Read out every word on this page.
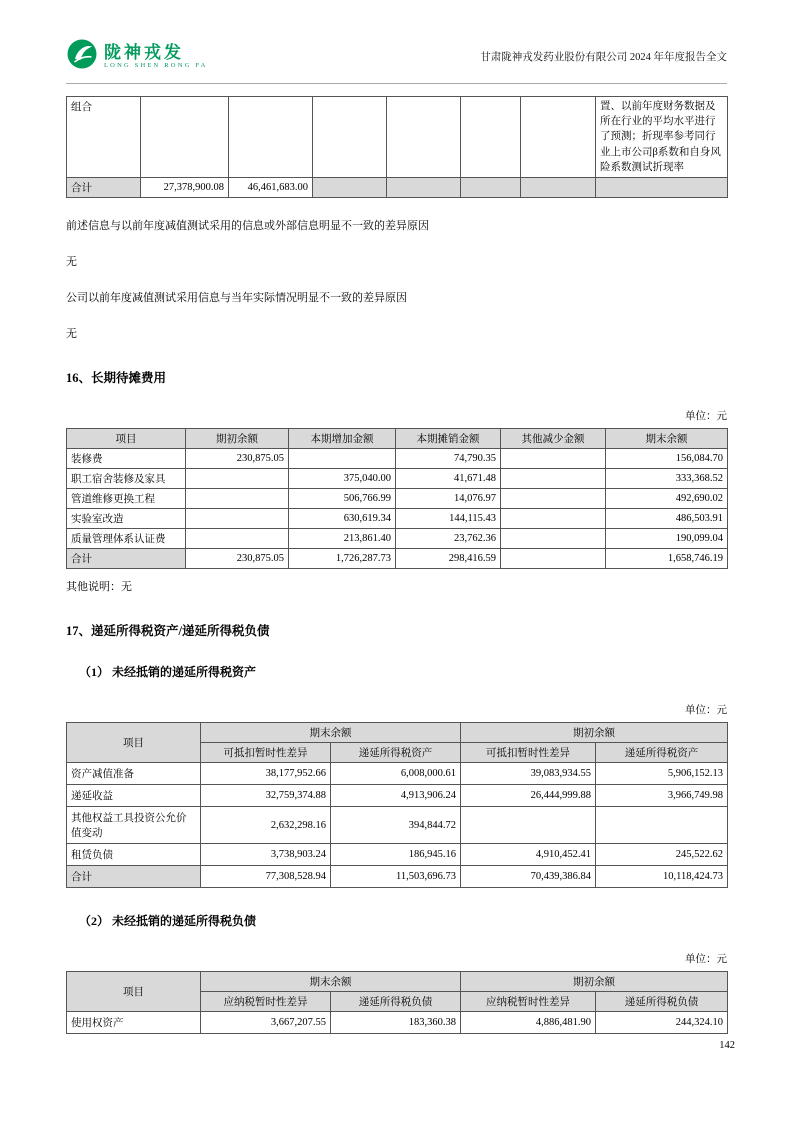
陇神戎发
LONG SHEN RONG FA
甘肃陇神戎发药业股份有限公司 2024 年年度报告全文
组合							置、以前年度财务数据及所在行业的平均水平进行了预测；折现率参考同行业上市公司β系数和自身风险系数测试折现率
合计	27,378,900.08	46,461,683.00					

前述信息与以前年度减值测试采用的信息或外部信息明显不一致的差异原因

无

公司以前年度减值测试采用信息与当年实际情况明显不一致的差异原因

无

16、长期待摊费用
单位：元
项目	期初余额	本期增加金额	本期摊销金额	其他减少金额	期末余额
装修费	230,875.05		74,790.35		156,084.70
职工宿舍装修及家具		375,040.00	41,671.48		333,368.52
管道维修更换工程		506,766.99	14,076.97		492,690.02
实验室改造		630,619.34	144,115.43		486,503.91
质量管理体系认证费		213,861.40	23,762.36		190,099.04
合计	230,875.05	1,726,287.73	298,416.59		1,658,746.19
其他说明：无
17、递延所得税资产/递延所得税负债
（1） 未经抵销的递延所得税资产
单位：元
项目	期末余额		期初余额	
	可抵扣暂时性差异	递延所得税资产	可抵扣暂时性差异	递延所得税资产
资产减值准备	38,177,952.66	6,008,000.61	39,083,934.55	5,906,152.13
递延收益	32,759,374.88	4,913,906.24	26,444,999.88	3,966,749.98
其他权益工具投资公允价值变动	2,632,298.16	394,844.72		
租赁负债	3,738,903.24	186,945.16	4,910,452.41	245,522.62
合计	77,308,528.94	11,503,696.73	70,439,386.84	10,118,424.73
（2） 未经抵销的递延所得税负债
单位：元
项目	期末余额		期初余额	
	应纳税暂时性差异	递延所得税负债	应纳税暂时性差异	递延所得税负债
使用权资产	3,667,207.55	183,360.38	4,886,481.90	244,324.10
142
